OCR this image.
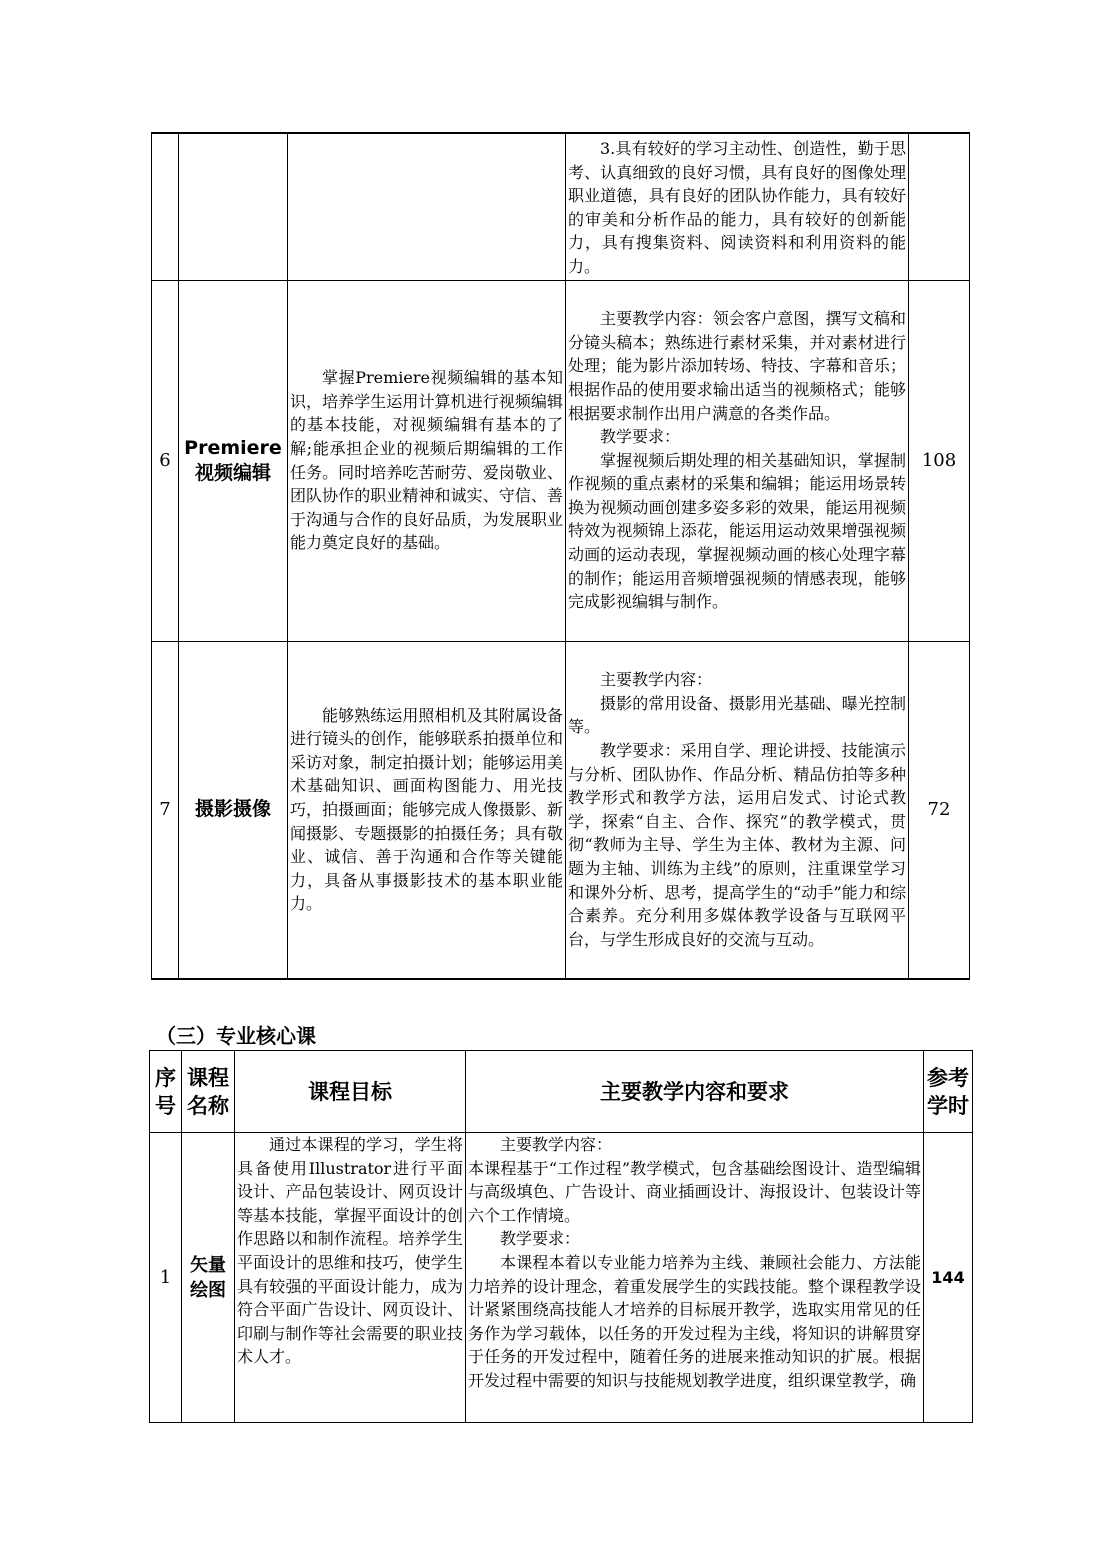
			3.具有较好的学习主动性、创造性，勤于思考、认真细致的良好习惯，具有良好的图像处理职业道德，具有良好的团队协作能力，具有较好的审美和分析作品的能力，具有较好的创新能力，具有搜集资料、阅读资料和利用资料的能力。	

6	Premiere视频编辑	掌握Premiere视频编辑的基本知识，培养学生运用计算机进行视频编辑的基本技能，对视频编辑有基本的了解;能承担企业的视频后期编辑的工作任务。同时培养吃苦耐劳、爱岗敬业、团队协作的职业精神和诚实、守信、善于沟通与合作的良好品质，为发展职业能力奠定良好的基础。	主要教学内容：领会客户意图，撰写文稿和分镜头稿本；熟练进行素材采集，并对素材进行处理；能为影片添加转场、特技、字幕和音乐；根据作品的使用要求输出适当的视频格式；能够根据要求制作出用户满意的各类作品。

教学要求：

掌握视频后期处理的相关基础知识，掌握制作视频的重点素材的采集和编辑；能运用场景转换为视频动画创建多姿多彩的效果，能运用视频特效为视频锦上添花，能运用运动效果增强视频动画的运动表现，掌握视频动画的核心处理字幕的制作；能运用音频增强视频的情感表现，能够完成影视编辑与制作。	108
7	摄影摄像	能够熟练运用照相机及其附属设备进行镜头的创作，能够联系拍摄单位和采访对象，制定拍摄计划；能够运用美术基础知识、画面构图能力、用光技巧，拍摄画面；能够完成人像摄影、新闻摄影、专题摄影的拍摄任务；具有敬业、诚信、善于沟通和合作等关键能力，具备从事摄影技术的基本职业能力。	主要教学内容：

摄影的常用设备、摄影用光基础、曝光控制等。

教学要求：采用自学、理论讲授、技能演示与分析、团队协作、作品分析、精品仿拍等多种教学形式和教学方法，运用启发式、讨论式教学，探索“自主、合作、探究”的教学模式，贯彻“教师为主导、学生为主体、教材为主源、问题为主轴、训练为主线”的原则，注重课堂学习和课外分析、思考，提高学生的“动手”能力和综合素养。充分利用多媒体教学设备与互联网平台，与学生形成良好的交流与互动。	72
（三）专业核心课
序号	课程名称	课程目标	主要教学内容和要求	参考学时
1	矢量绘图	通过本课程的学习，学生将具备使用Illustrator进行平面设计、产品包装设计、网页设计等基本技能，掌握平面设计的创作思路以和制作流程。培养学生平面设计的思维和技巧，使学生具有较强的平面设计能力，成为符合平面广告设计、网页设计、印刷与制作等社会需要的职业技术人才。	主要教学内容：

本课程基于“工作过程”教学模式，包含基础绘图设计、造型编辑与高级填色、广告设计、商业插画设计、海报设计、包装设计等六个工作情境。

教学要求：

本课程本着以专业能力培养为主线、兼顾社会能力、方法能力培养的设计理念，着重发展学生的实践技能。整个课程教学设计紧紧围绕高技能人才培养的目标展开教学，选取实用常见的任务作为学习载体，以任务的开发过程为主线，将知识的讲解贯穿于任务的开发过程中，随着任务的进展来推动知识的扩展。根据开发过程中需要的知识与技能规划教学进度，组织课堂教学，确	144
